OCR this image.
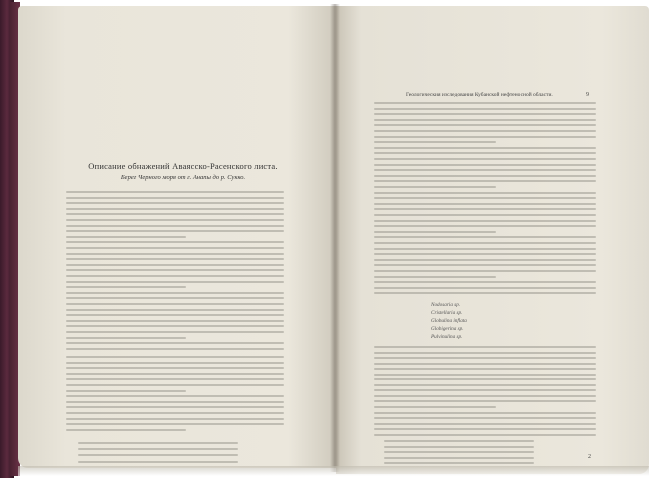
Описание обнажений Аваясско-Расенского листа.
Берег Черного моря от г. Анапы до р. Сукко.
Геологическия изследования Кубанской нефтеносной области.	9
Nodosaria sp.
Cristellaria sp.
Globulina inflata
Globigerina sp.
Pulvinulina sp.
2
